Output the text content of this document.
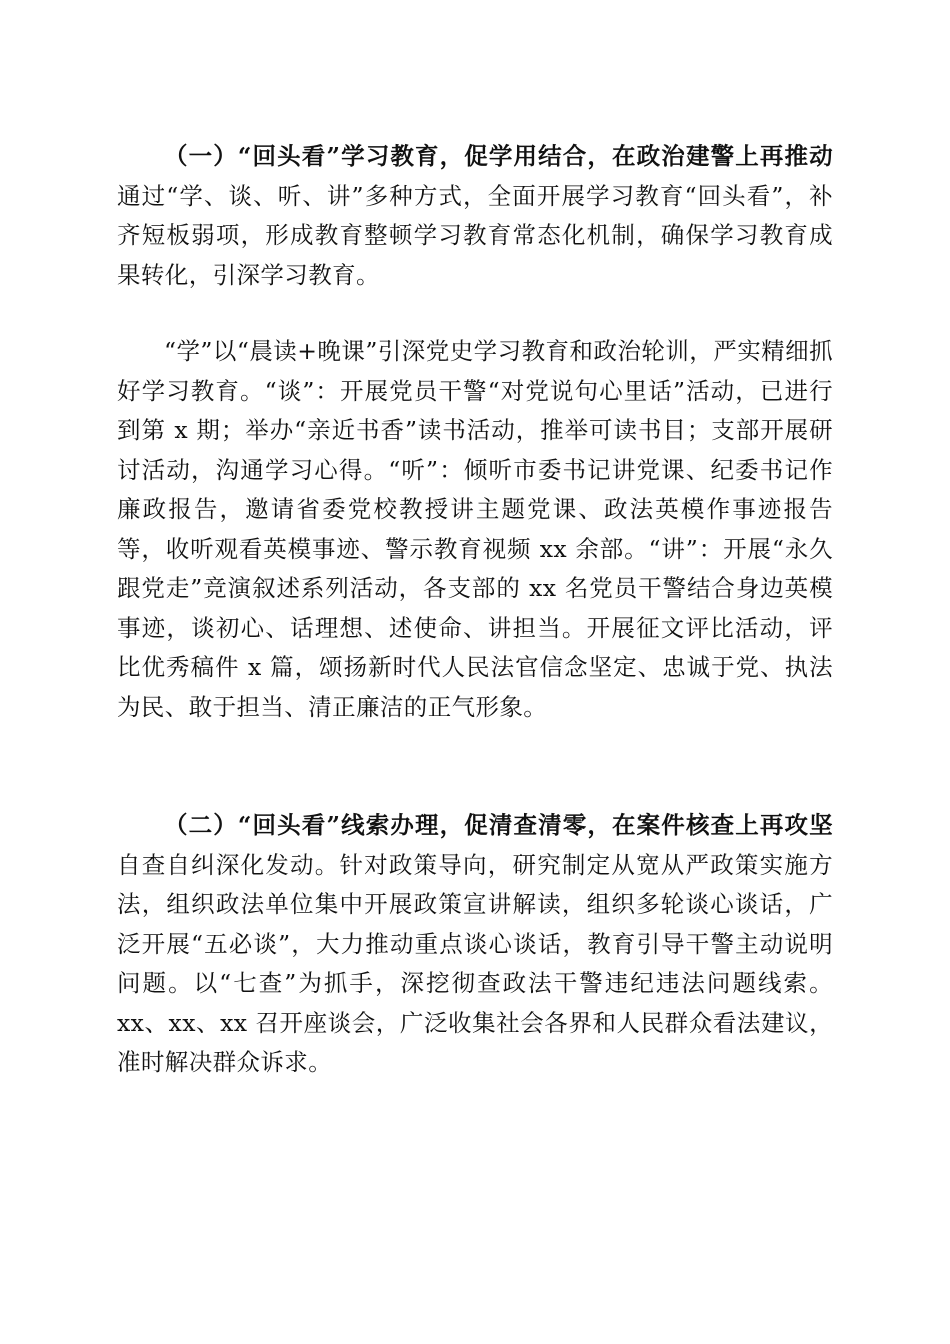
（一）“回头看”学习教育，促学用结合，在政治建警上再推动通过“学、谈、听、讲”多种方式，全面开展学习教育“回头看”，补齐短板弱项，形成教育整顿学习教育常态化机制，确保学习教育成果转化，引深学习教育。

“学”以“晨读+晚课”引深党史学习教育和政治轮训，严实精细抓好学习教育。“谈”：开展党员干警“对党说句心里话”活动，已进行到第 x 期；举办“亲近书香”读书活动，推举可读书目；支部开展研讨活动，沟通学习心得。“听”：倾听市委书记讲党课、纪委书记作廉政报告，邀请省委党校教授讲主题党课、政法英模作事迹报告等，收听观看英模事迹、警示教育视频 xx 余部。“讲”：开展“永久跟党走”竞演叙述系列活动，各支部的 xx 名党员干警结合身边英模事迹，谈初心、话理想、述使命、讲担当。开展征文评比活动，评比优秀稿件 x 篇，颂扬新时代人民法官信念坚定、忠诚于党、执法为民、敢于担当、清正廉洁的正气形象。

（二）“回头看”线索办理，促清查清零，在案件核查上再攻坚自查自纠深化发动。针对政策导向，研究制定从宽从严政策实施方法，组织政法单位集中开展政策宣讲解读，组织多轮谈心谈话，广泛开展“五必谈”，大力推动重点谈心谈话，教育引导干警主动说明问题。以“七查”为抓手，深挖彻查政法干警违纪违法问题线索。xx、xx、xx 召开座谈会，广泛收集社会各界和人民群众看法建议，准时解决群众诉求。
